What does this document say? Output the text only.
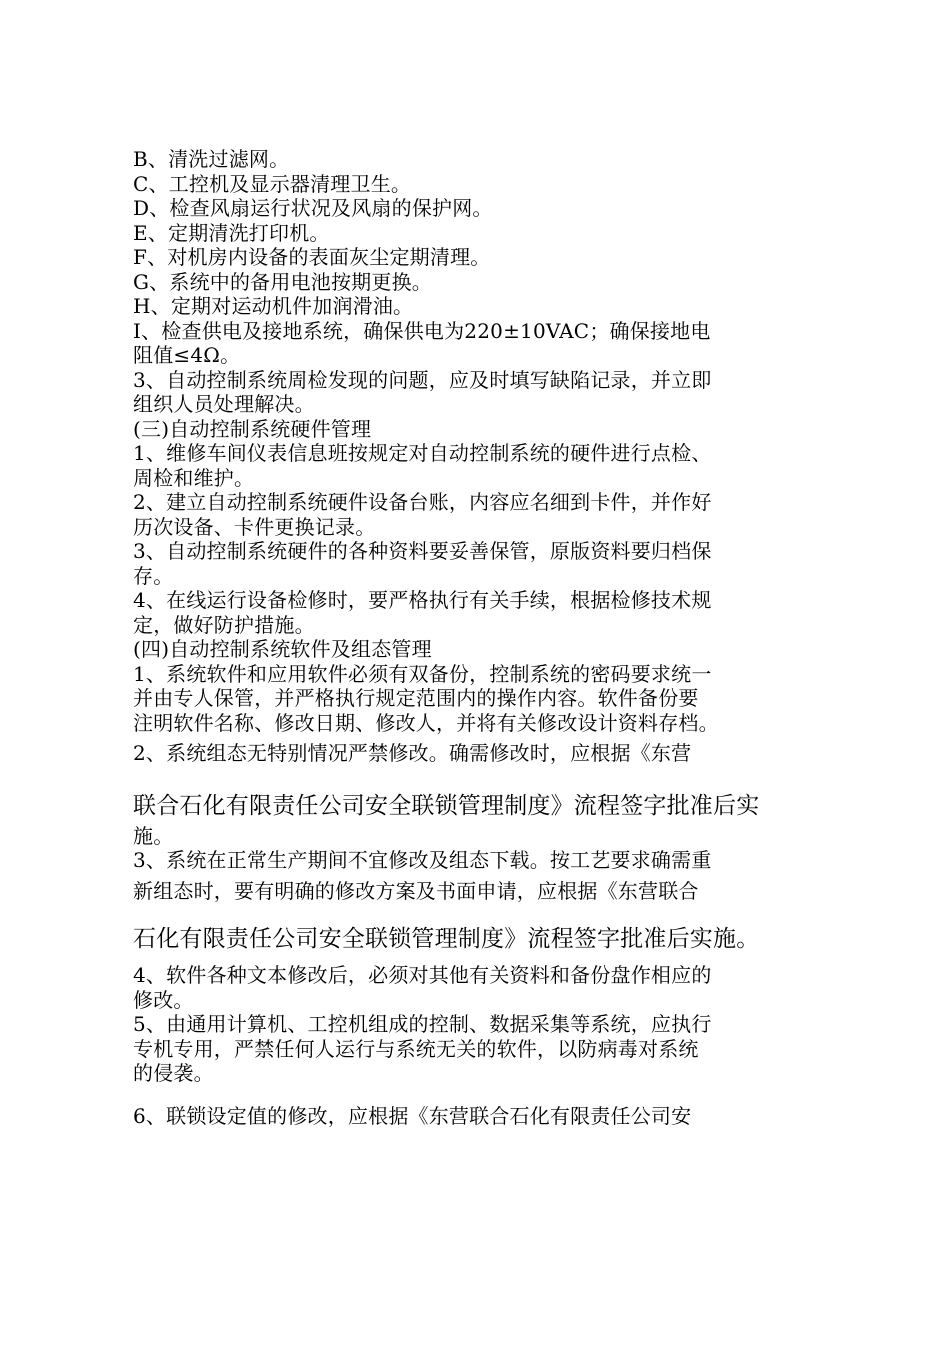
B、清洗过滤网。
C、工控机及显示器清理卫生。
D、检查风扇运行状况及风扇的保护网。
E、定期清洗打印机。
F、对机房内设备的表面灰尘定期清理。
G、系统中的备用电池按期更换。
H、定期对运动机件加润滑油。
I、检查供电及接地系统，确保供电为220±10VAC；确保接地电
阻值≤4Ω。
3、自动控制系统周检发现的问题，应及时填写缺陷记录，并立即
组织人员处理解决。
(三)自动控制系统硬件管理
1、维修车间仪表信息班按规定对自动控制系统的硬件进行点检、
周检和维护。
2、建立自动控制系统硬件设备台账，内容应名细到卡件，并作好
历次设备、卡件更换记录。
3、自动控制系统硬件的各种资料要妥善保管，原版资料要归档保
存。
4、在线运行设备检修时，要严格执行有关手续，根据检修技术规
定，做好防护措施。
(四)自动控制系统软件及组态管理
1、系统软件和应用软件必须有双备份，控制系统的密码要求统一
并由专人保管，并严格执行规定范围内的操作内容。软件备份要
注明软件名称、修改日期、修改人，并将有关修改设计资料存档。
2、系统组态无特别情况严禁修改。确需修改时，应根据《东营
联合石化有限责任公司安全联锁管理制度》流程签字批准后实
施。
3、系统在正常生产期间不宜修改及组态下载。按工艺要求确需重
新组态时，要有明确的修改方案及书面申请，应根据《东营联合
石化有限责任公司安全联锁管理制度》流程签字批准后实施。
4、软件各种文本修改后，必须对其他有关资料和备份盘作相应的
修改。
5、由通用计算机、工控机组成的控制、数据采集等系统，应执行
专机专用，严禁任何人运行与系统无关的软件，以防病毒对系统
的侵袭。
6、联锁设定值的修改，应根据《东营联合石化有限责任公司安
